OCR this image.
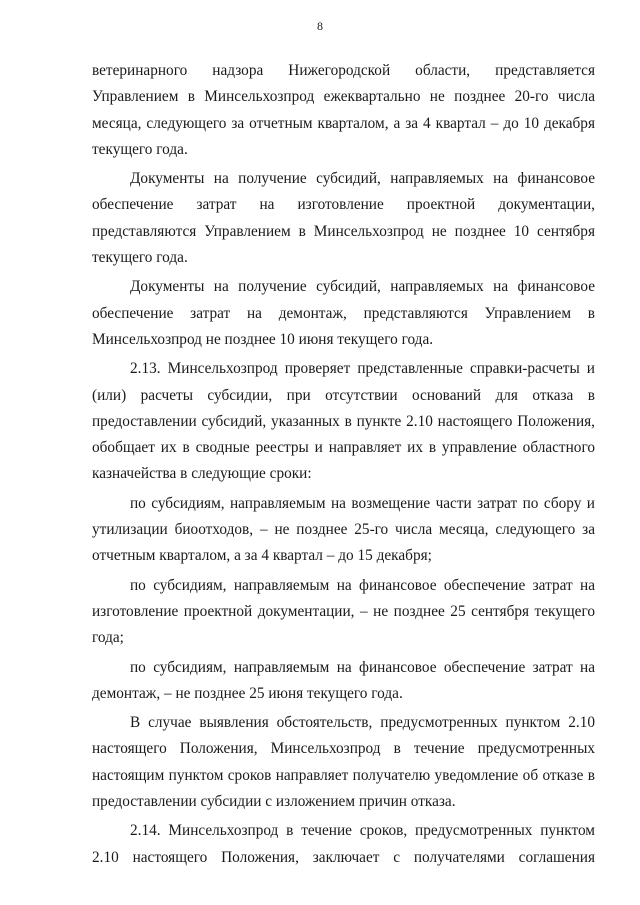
8

ветеринарного надзора Нижегородской области, представляется Управлением в Минсельхозпрод ежеквартально не позднее 20-го числа месяца, следующего за отчетным кварталом, а за 4 квартал – до 10 декабря текущего года.

Документы на получение субсидий, направляемых на финансовое обеспечение затрат на изготовление проектной документации, представляются Управлением в Минсельхозпрод не позднее 10 сентября текущего года.

Документы на получение субсидий, направляемых на финансовое обеспечение затрат на демонтаж, представляются Управлением в Минсельхозпрод не позднее 10 июня текущего года.

2.13. Минсельхозпрод проверяет представленные справки-расчеты и (или) расчеты субсидии, при отсутствии оснований для отказа в предоставлении субсидий, указанных в пункте 2.10 настоящего Положения, обобщает их в сводные реестры и направляет их в управление областного казначейства в следующие сроки:

по субсидиям, направляемым на возмещение части затрат по сбору и утилизации биоотходов, – не позднее 25-го числа месяца, следующего за отчетным кварталом, а за 4 квартал – до 15 декабря;

по субсидиям, направляемым на финансовое обеспечение затрат на изготовление проектной документации, – не позднее 25 сентября текущего года;

по субсидиям, направляемым на финансовое обеспечение затрат на демонтаж, – не позднее 25 июня текущего года.

В случае выявления обстоятельств, предусмотренных пунктом 2.10 настоящего Положения, Минсельхозпрод в течение предусмотренных настоящим пунктом сроков направляет получателю уведомление об отказе в предоставлении субсидии с изложением причин отказа.

2.14. Минсельхозпрод в течение сроков, предусмотренных пунктом 2.10 настоящего Положения, заключает с получателями соглашения
